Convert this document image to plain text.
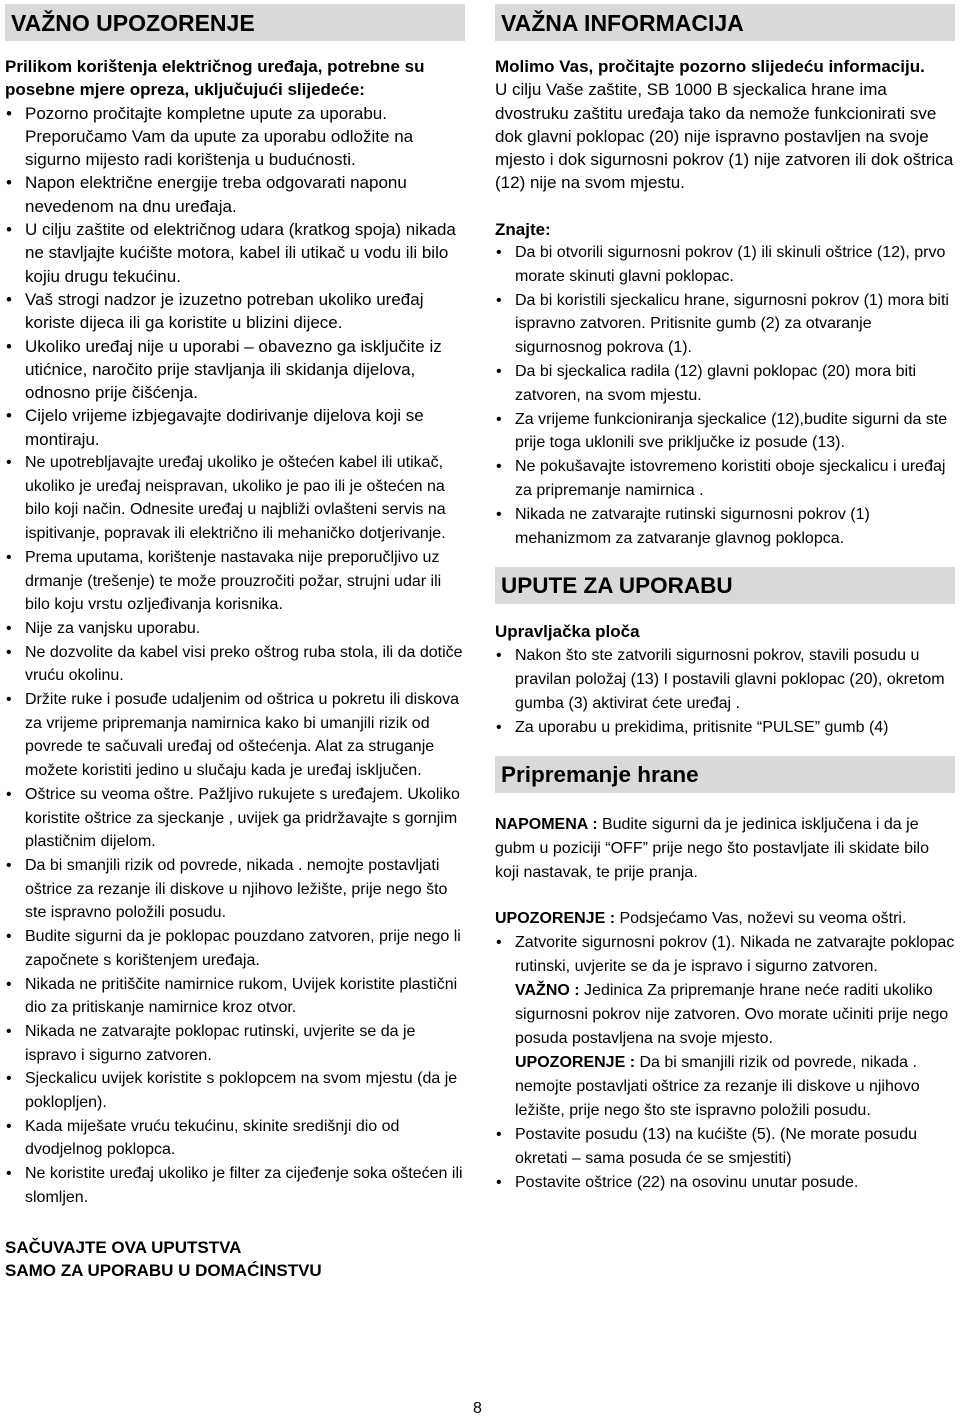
VAŽNO UPOZORENJE

Prilikom korištenja električnog uređaja, potrebne su posebne mjere opreza, uključujući slijedeće:

• Pozorno pročitajte kompletne upute za uporabu. Preporučamo Vam da upute za uporabu odložite na sigurno mijesto radi korištenja u budućnosti.
• Napon električne energije treba odgovarati naponu nevedenom na dnu uređaja.
• U cilju zaštite od električnog udara (kratkog spoja) nikada ne stavljajte kućište motora, kabel ili utikač u vodu ili bilo kojiu drugu tekućinu.
• Vaš strogi nadzor je izuzetno potreban ukoliko uređaj koriste dijeca ili ga koristite u blizini dijece.
• Ukoliko uređaj nije u uporabi – obavezno ga isključite iz utićnice, naročito prije stavljanja ili skidanja dijelova, odnosno prije čišćenja.
• Cijelo vrijeme izbjegavajte dodirivanje dijelova koji se montiraju.
• Ne upotrebljavajte uređaj ukoliko je oštećen kabel ili utikač, ukoliko je uređaj neispravan, ukoliko je pao ili je oštećen na bilo koji način. Odnesite uređaj u najbliži ovlašteni servis na ispitivanje, popravak ili električno ili mehaničko dotjerivanje.
• Prema uputama, korištenje nastavaka nije preporučljivo uz drmanje (trešenje) te može prouzročiti požar, strujni udar ili bilo koju vrstu ozljeđivanja korisnika.
• Nije za vanjsku uporabu.
• Ne dozvolite da kabel visi preko oštrog ruba stola, ili da dotiče vruću okolinu.
• Držite ruke i posuđe udaljenim od oštrica u pokretu ili diskova za vrijeme pripremanja namirnica kako bi umanjili rizik od povrede te sačuvali uređaj od oštećenja. Alat za struganje možete koristiti jedino u slučaju kada je uređaj isključen.
• Oštrice su veoma oštre. Pažljivo rukujete s uređajem. Ukoliko koristite oštrice za sjeckanje , uvijek ga pridržavajte s gornjim plastičnim dijelom.
• Da bi smanjili rizik od povrede, nikada . nemojte postavljati oštrice za rezanje ili diskove u njihovo ležište, prije nego što ste ispravno položili posudu.
• Budite sigurni da je poklopac pouzdano zatvoren, prije nego li započnete s korištenjem uređaja.
• Nikada ne pritiščite namirnice rukom, Uvijek koristite plastični dio za pritiskanje namirnice kroz otvor.
• Nikada ne zatvarajte poklopac rutinski, uvjerite se da je ispravo i sigurno zatvoren.
• Sjeckalicu uvijek koristite s poklopcem na svom mjestu (da je poklopljen).
• Kada miješate vruću tekućinu, skinite središnji dio od dvodjelnog poklopca.
• Ne koristite uređaj ukoliko je filter za cijeđenje soka oštećen ili slomljen.

SAČUVAJTE OVA UPUTSTVA

SAMO ZA UPORABU U DOMAĆINSTVU

VAŽNA INFORMACIJA

Molimo Vas, pročitajte pozorno slijedeću informaciju.

U cilju Vaše zaštite, SB 1000 B sjeckalica hrane ima dvostruku zaštitu uređaja tako da nemože funkcionirati sve dok glavni poklopac (20) nije ispravno postavljen na svoje mjesto i dok sigurnosni pokrov (1) nije zatvoren ili dok oštrica (12) nije na svom mjestu.

Znajte:

• Da bi otvorili sigurnosni pokrov (1) ili skinuli oštrice (12), prvo morate skinuti glavni poklopac.
• Da bi koristili sjeckalicu hrane, sigurnosni pokrov (1) mora biti ispravno zatvoren. Pritisnite gumb (2) za otvaranje sigurnosnog pokrova (1).
• Da bi sjeckalica radila (12) glavni poklopac (20) mora biti zatvoren, na svom mjestu.
• Za vrijeme funkcioniranja sjeckalice (12),budite sigurni da ste prije toga uklonili sve priključke iz posude (13).
• Ne pokušavajte istovremeno koristiti oboje sjeckalicu i uređaj za pripremanje namirnica .
• Nikada ne zatvarajte rutinski sigurnosni pokrov (1) mehanizmom za zatvaranje glavnog poklopca.
UPUTE ZA UPORABU

Upravljačka ploča

• Nakon što ste zatvorili sigurnosni pokrov, stavili posudu u pravilan položaj (13) I postavili glavni poklopac (20), okretom gumba (3) aktivirat ćete uređaj .
• Za uporabu u prekidima, pritisnite “PULSE” gumb (4)
Pripremanje hrane

NAPOMENA : Budite sigurni da je jedinica isključena i da je gubm u poziciji “OFF” prije nego što postavljate ili skidate bilo koji nastavak, te prije pranja.

UPOZORENJE : Podsjećamo Vas, noževi su veoma oštri.

• Zatvorite sigurnosni pokrov (1). Nikada ne zatvarajte poklopac rutinski, uvjerite se da je ispravo i sigurno zatvoren.
VAŽNO : Jedinica Za pripremanje hrane neće raditi ukoliko sigurnosni pokrov nije zatvoren. Ovo morate učiniti prije nego posuda postavljena na svoje mjesto.
UPOZORENJE : Da bi smanjili rizik od povrede, nikada . nemojte postavljati oštrice za rezanje ili diskove u njihovo ležište, prije nego što ste ispravno položili posudu.
• Postavite posudu (13) na kućište (5). (Ne morate posudu okretati – sama posuda će se smjestiti)
• Postavite oštrice (22) na osovinu unutar posude.
8
